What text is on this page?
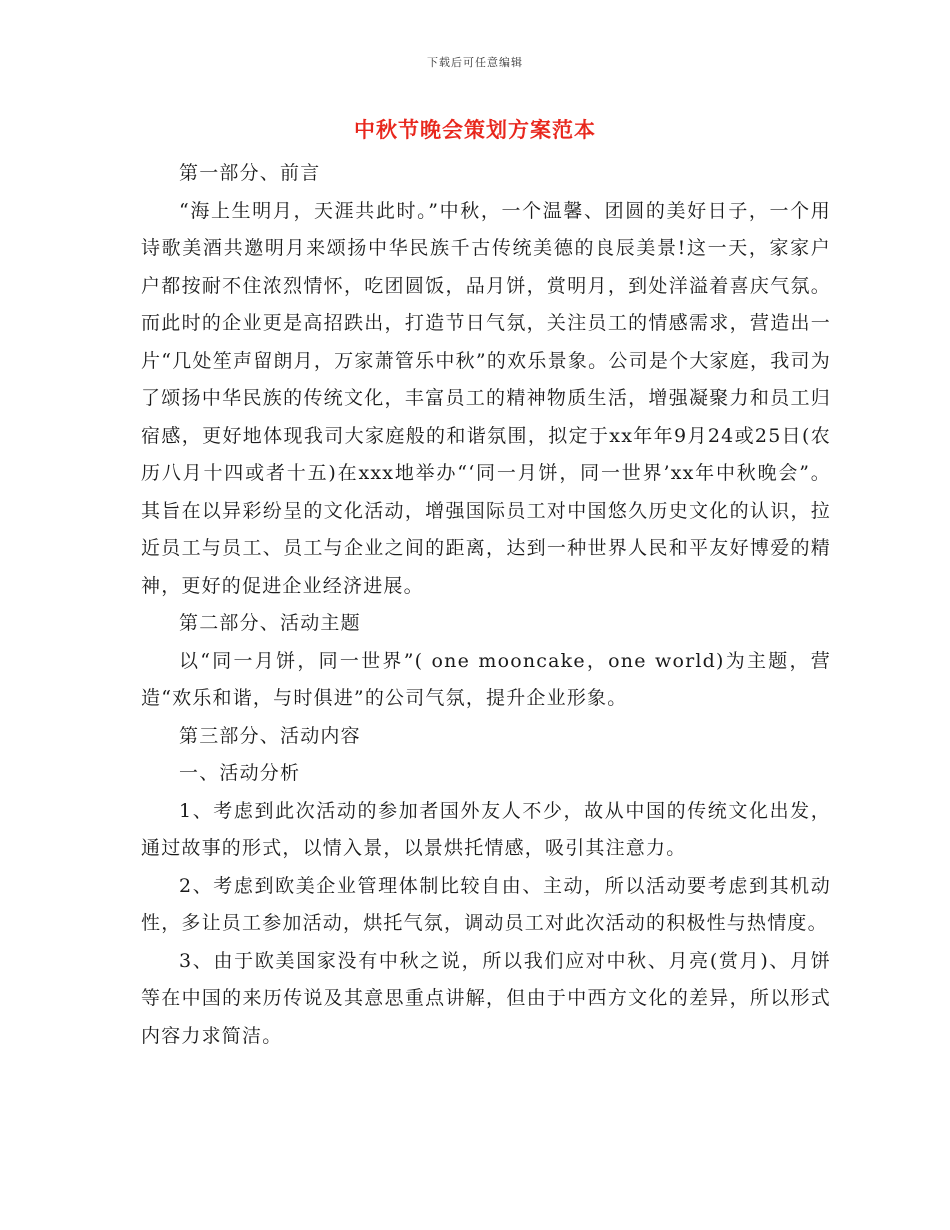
下载后可任意编辑
中秋节晚会策划方案范本

第一部分、前言

“海上生明月，天涯共此时。”中秋，一个温馨、团圆的美好日子，一个用诗歌美酒共邀明月来颂扬中华民族千古传统美德的良辰美景!这一天，家家户户都按耐不住浓烈情怀，吃团圆饭，品月饼，赏明月，到处洋溢着喜庆气氛。而此时的企业更是高招跌出，打造节日气氛，关注员工的情感需求，营造出一片“几处笙声留朗月，万家萧管乐中秋”的欢乐景象。公司是个大家庭，我司为了颂扬中华民族的传统文化，丰富员工的精神物质生活，增强凝聚力和员工归宿感，更好地体现我司大家庭般的和谐氛围，拟定于xx年年9月24或25日(农历八月十四或者十五)在xxx地举办“‘同一月饼，同一世界’xx年中秋晚会”。其旨在以异彩纷呈的文化活动，增强国际员工对中国悠久历史文化的认识，拉近员工与员工、员工与企业之间的距离，达到一种世界人民和平友好博爱的精神，更好的促进企业经济进展。

第二部分、活动主题

以“同一月饼，同一世界”( one mooncake，one world)为主题，营造“欢乐和谐，与时俱进”的公司气氛，提升企业形象。

第三部分、活动内容

一、活动分析

1、考虑到此次活动的参加者国外友人不少，故从中国的传统文化出发，通过故事的形式，以情入景，以景烘托情感，吸引其注意力。

2、考虑到欧美企业管理体制比较自由、主动，所以活动要考虑到其机动性，多让员工参加活动，烘托气氛，调动员工对此次活动的积极性与热情度。

3、由于欧美国家没有中秋之说，所以我们应对中秋、月亮(赏月)、月饼等在中国的来历传说及其意思重点讲解，但由于中西方文化的差异，所以形式内容力求简洁。
